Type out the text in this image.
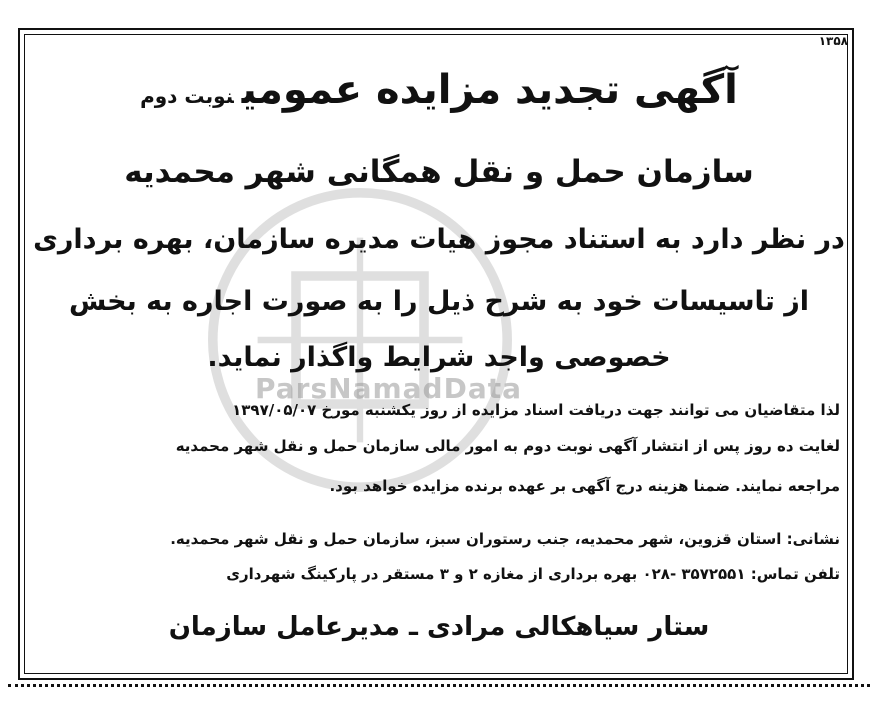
ParsNamadData
۱۳۵۸
آگهی تجدید مزایده عمومینوبت دوم
سازمان حمل و نقل همگانی شهر محمدیه
در نظر دارد به استناد مجوز هیات مدیره سازمان، بهره برداری
از تاسیسات خود به شرح ذیل را به صورت اجاره به بخش
خصوصی واجد شرایط واگذار نماید.
لذا متقاضیان می توانند جهت دریافت اسناد مزایده از روز یکشنبه مورخ ۱۳۹۷/۰۵/۰۷
لغایت ده روز پس از انتشار آگهی نوبت دوم به امور مالی سازمان حمل و نقل شهر محمدیه
مراجعه نمایند. ضمنا هزینه درج آگهی بر عهده برنده مزایده خواهد بود.
نشانی: استان قزوین، شهر محمدیه، جنب رستوران سبز، سازمان حمل و نقل شهر محمدیه.
تلفن تماس: ۳۵۷۲۵۵۱ -۰۲۸ بهره برداری از مغازه ۲ و ۳ مستقر در پارکینگ شهرداری
ستار سیاهکالی مرادی ـ مدیرعامل سازمان
